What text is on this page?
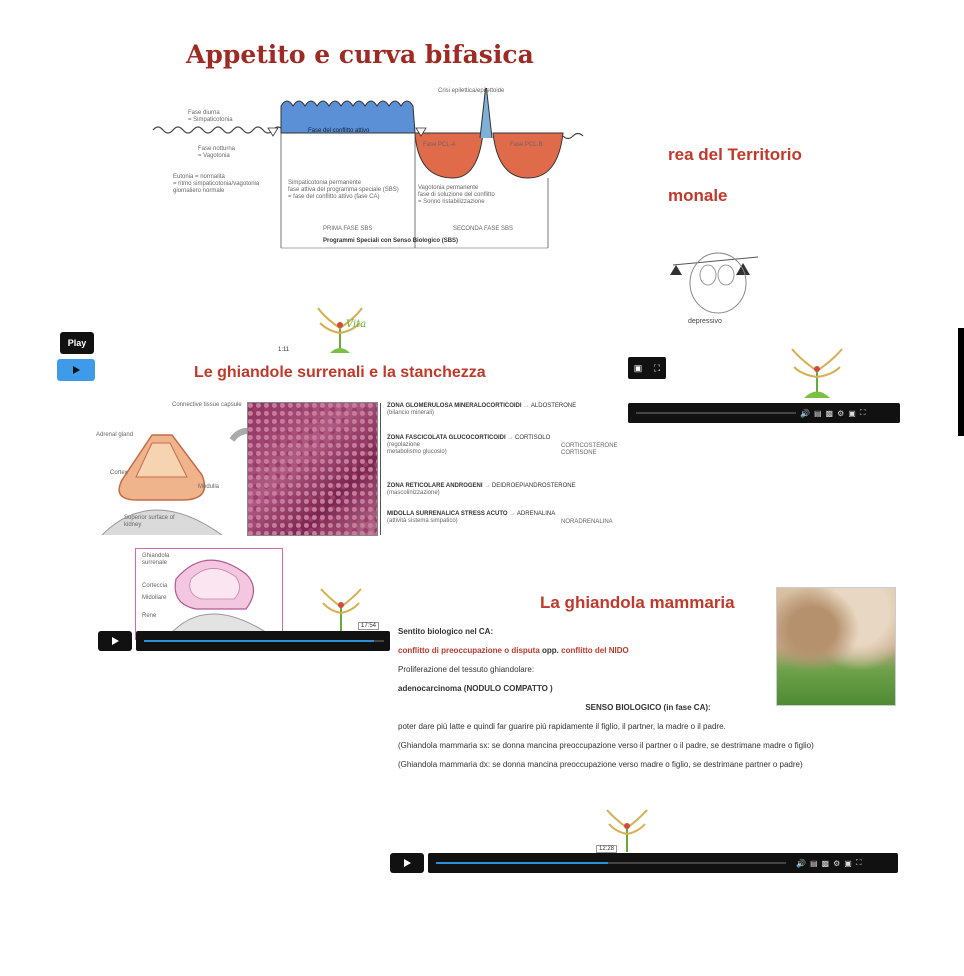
Appetito e curva bifasica
Fase diurna
= Simpaticotonia
Fase notturna
= Vagotonia
Eutonia = normalità
= ritmo simpaticotonia/vagotonia
giornaliero normale
Fase del conflitto attivo
Simpaticotonia permanente
fase attiva del programma speciale (SBS)
= fase del conflitto attivo (fase CA)
Crisi epilettica/epilettoide
Fase PCL-A	Fase PCL-B
Vagotonia permanente
fase di soluzione del conflitto
= Sonno ristabilizzazione
PRIMA FASE SBS	SECONDA FASE SBS
Programmi Speciali con Senso Biologico (SBS)
Vita
1:11
Play
rea del Territorio
monale
depressivo
▣ ⛶
🔊 ▤ ▩ ⚙ ▣ ⛶
Le ghiandole surrenali e la stanchezza
Connective tissue capsule
Adrenal gland
Cortex
Medulla
Superior surface of kidney
ZONA GLOMERULOSA MINERALOCORTICOIDI → ALDOSTERONE
(bilancio minerali)
ZONA FASCICOLATA GLUCOCORTICOIDI → CORTISOLO
(regolazione metabolismo glucosio)
CORTICOSTERONE CORTISONE
ZONA RETICOLARE ANDROGENI → DEIDROEPIANDROSTERONE
(mascolinizzazione)
MIDOLLA SURRENALICA STRESS ACUTO → ADRENALINA
(attività sistema simpatico)	NORADRENALINA
Ghiandola surrenale
Corteccia
Midollare
Rene
17:54
La ghiandola mammaria
Sentito biologico nel CA:
conflitto di preoccupazione o disputa opp. conflitto del NIDO
Proliferazione del tessuto ghiandolare:
adenocarcinoma (NODULO COMPATTO )
SENSO BIOLOGICO (in fase CA):
poter dare più latte e quindi far guarire più rapidamente il figlio, il partner, la madre o il padre.
(Ghiandola mammaria sx: se donna mancina preoccupazione verso il partner o il padre, se destrimane madre o figlio)
(Ghiandola mammaria dx: se donna mancina preoccupazione verso madre o figlio, se destrimane partner o padre)
🔊 ▤ ▩ ⚙ ▣ ⛶
12:28
